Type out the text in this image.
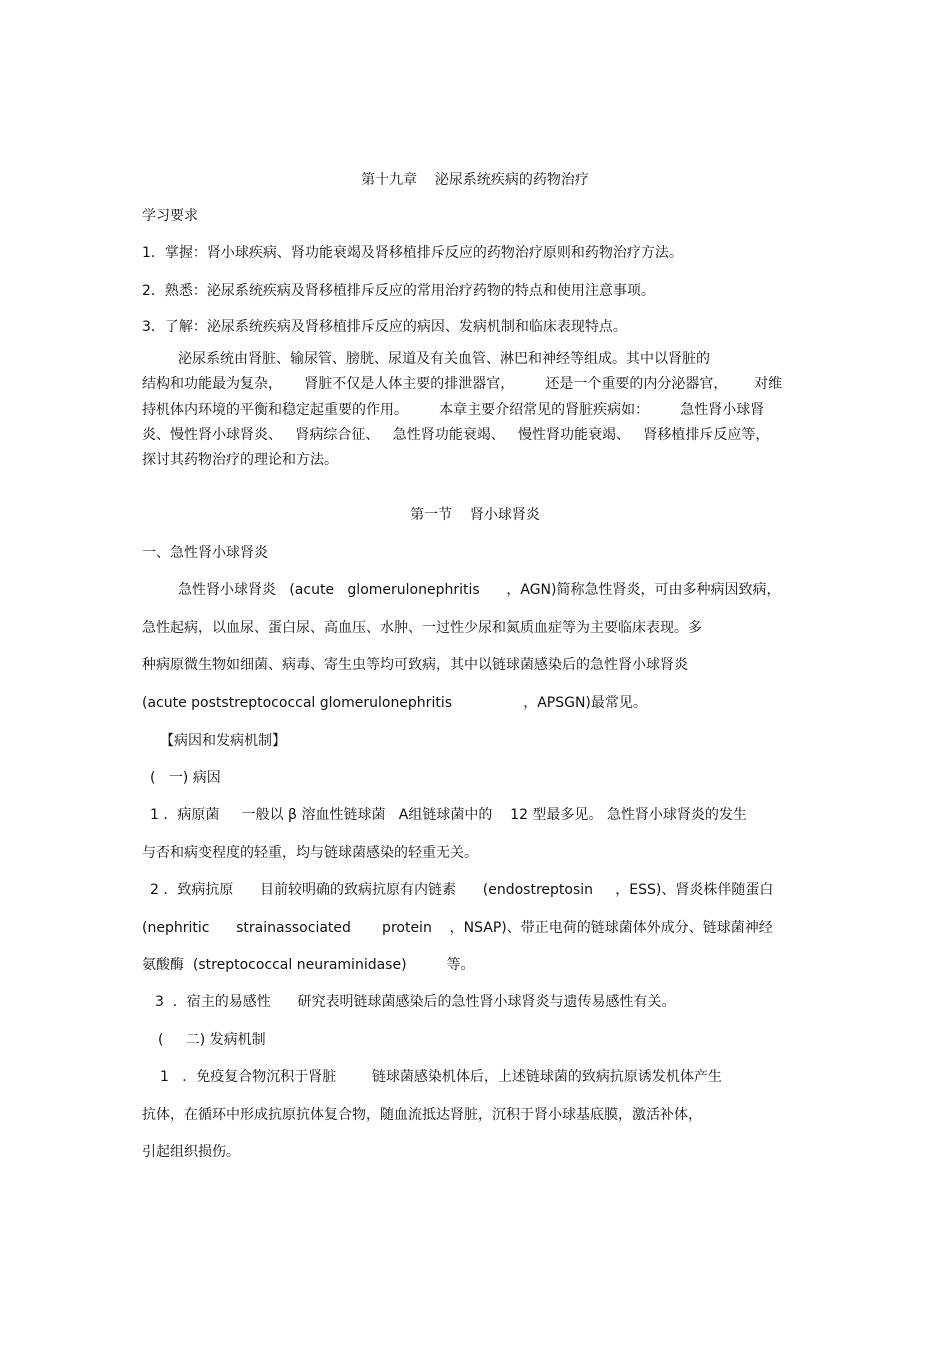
第十九章    泌尿系统疾病的药物治疗

学习要求

1．掌握：肾小球疾病、肾功能衰竭及肾移植排斥反应的药物治疗原则和药物治疗方法。

2．熟悉：泌尿系统疾病及肾移植排斥反应的常用治疗药物的特点和使用注意事项。

3．了解：泌尿系统疾病及肾移植排斥反应的病因、发病机制和临床表现特点。

泌尿系统由肾脏、输尿管、膀胱、尿道及有关血管、淋巴和神经等组成。其中以肾脏的

结构和功能最为复杂，     肾脏不仅是人体主要的排泄器官，       还是一个重要的内分泌器官，      对维

持机体内环境的平衡和稳定起重要的作用。       本章主要介绍常见的肾脏疾病如：       急性肾小球肾

炎、慢性肾小球肾炎、   肾病综合征、   急性肾功能衰竭、   慢性肾功能衰竭、   肾移植排斥反应等，

探讨其药物治疗的理论和方法。

第一节    肾小球肾炎

一、急性肾小球肾炎

急性肾小球肾炎   (acute   glomerulonephritis      ，AGN)简称急性肾炎，可由多种病因致病，

急性起病，以血尿、蛋白尿、高血压、水肿、一过性少尿和氮质血症等为主要临床表现。多

种病原微生物如细菌、病毒、寄生虫等均可致病，其中以链球菌感染后的急性肾小球肾炎

(acute poststreptococcal glomerulonephritis                ，APSGN)最常见。

【病因和发病机制】

(   一) 病因

1 ．病原菌     一般以 β 溶血性链球菌   A组链球菌中的    12 型最多见。 急性肾小球肾炎的发生

与否和病变程度的轻重，均与链球菌感染的轻重无关。

2 ．致病抗原      目前较明确的致病抗原有内链素      (endostreptosin     ，ESS)、肾炎株伴随蛋白

(nephritic      strainassociated       protein    ，NSAP)、带正电荷的链球菌体外成分、链球菌神经

氨酸酶  (streptococcal neuraminidase)         等。

3  ．宿主的易感性      研究表明链球菌感染后的急性肾小球肾炎与遗传易感性有关。

(     二) 发病机制

1   ．免疫复合物沉积于肾脏        链球菌感染机体后，上述链球菌的致病抗原诱发机体产生

抗体，在循环中形成抗原抗体复合物，随血流抵达肾脏，沉积于肾小球基底膜，激活补体，

引起组织损伤。
